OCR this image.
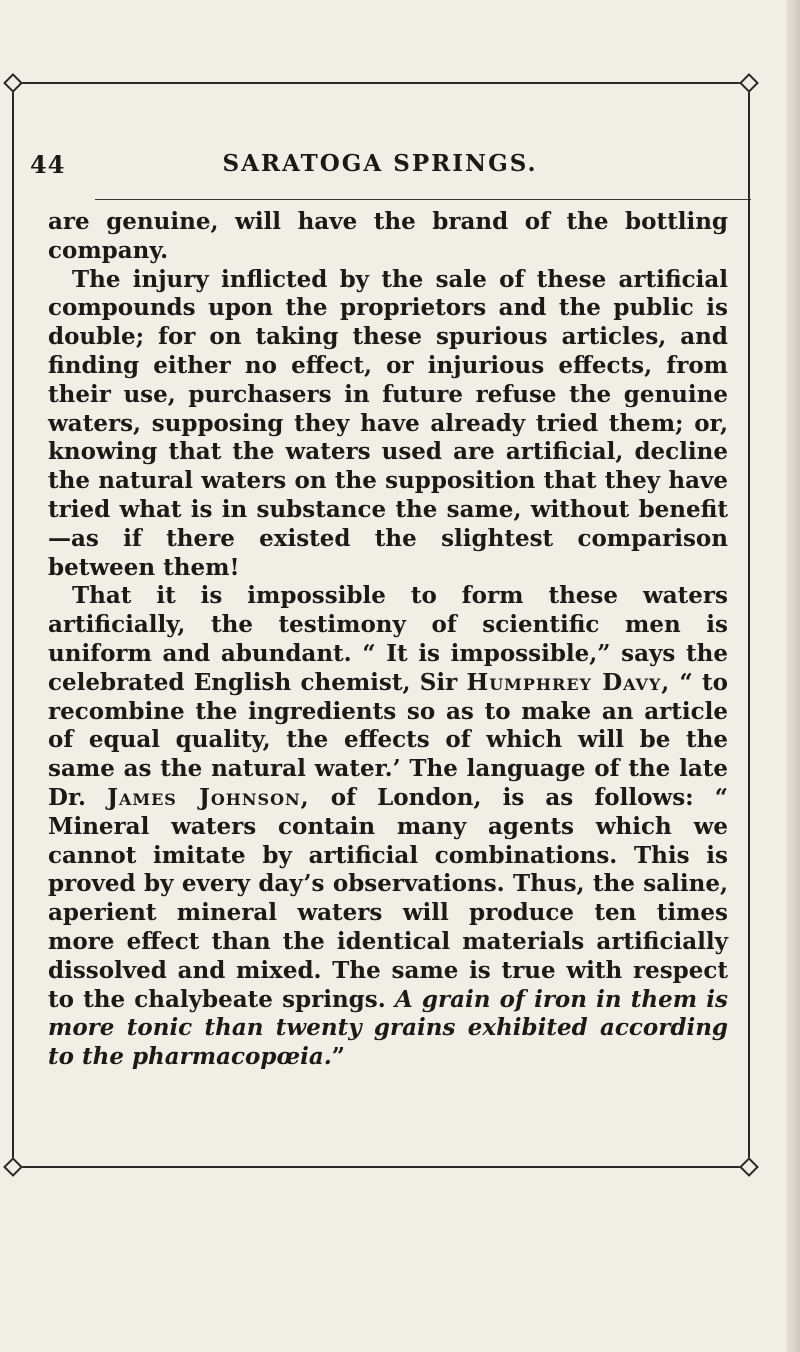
44	SARATOGA SPRINGS.

are genuine, will have the brand of the bottling company.

The injury inflicted by the sale of these artificial compounds upon the proprietors and the public is double; for on taking these spurious articles, and finding either no effect, or injurious effects, from their use, purchasers in future refuse the genuine waters, supposing they have already tried them; or, knowing that the waters used are artificial, decline the natural waters on the supposition that they have tried what is in substance the same, without benefit—as if there existed the slightest comparison between them!

That it is impossible to form these waters artificially, the testimony of scientific men is uniform and abundant. “ It is impossible,” says the celebrated English chemist, Sir Humphrey Davy, “ to recombine the ingredients so as to make an article of equal quality, the effects of which will be the same as the natural water.’ The language of the late Dr. James Johnson, of London, is as follows: “ Mineral waters contain many agents which we cannot imitate by artificial combinations. This is proved by every day’s observations. Thus, the saline, aperient mineral waters will produce ten times more effect than the identical materials artificially dissolved and mixed. The same is true with respect to the chalybeate springs. A grain of iron in them is more tonic than twenty grains exhibited according to the pharmacopœia.”
